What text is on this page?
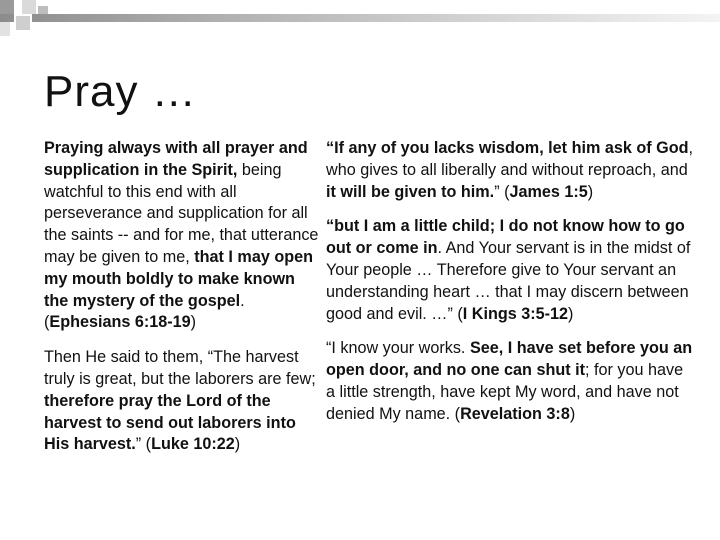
Pray …

Praying always with all prayer and supplication in the Spirit, being watchful to this end with all perseverance and supplication for all the saints -- and for me, that utterance may be given to me, that I may open my mouth boldly to make known the mystery of the gospel. (Ephesians 6:18-19)

Then He said to them, “The harvest truly is great, but the laborers are few; therefore pray the Lord of the harvest to send out laborers into His harvest.” (Luke 10:22)

“If any of you lacks wisdom, let him ask of God, who gives to all liberally and without reproach, and it will be given to him.” (James 1:5)

“but I am a little child; I do not know how to go out or come in. And Your servant is in the midst of Your people … Therefore give to Your servant an understanding heart … that I may discern between good and evil. …” (I Kings 3:5-12)

“I know your works. See, I have set before you an open door, and no one can shut it; for you have a little strength, have kept My word, and have not denied My name. (Revelation 3:8)
